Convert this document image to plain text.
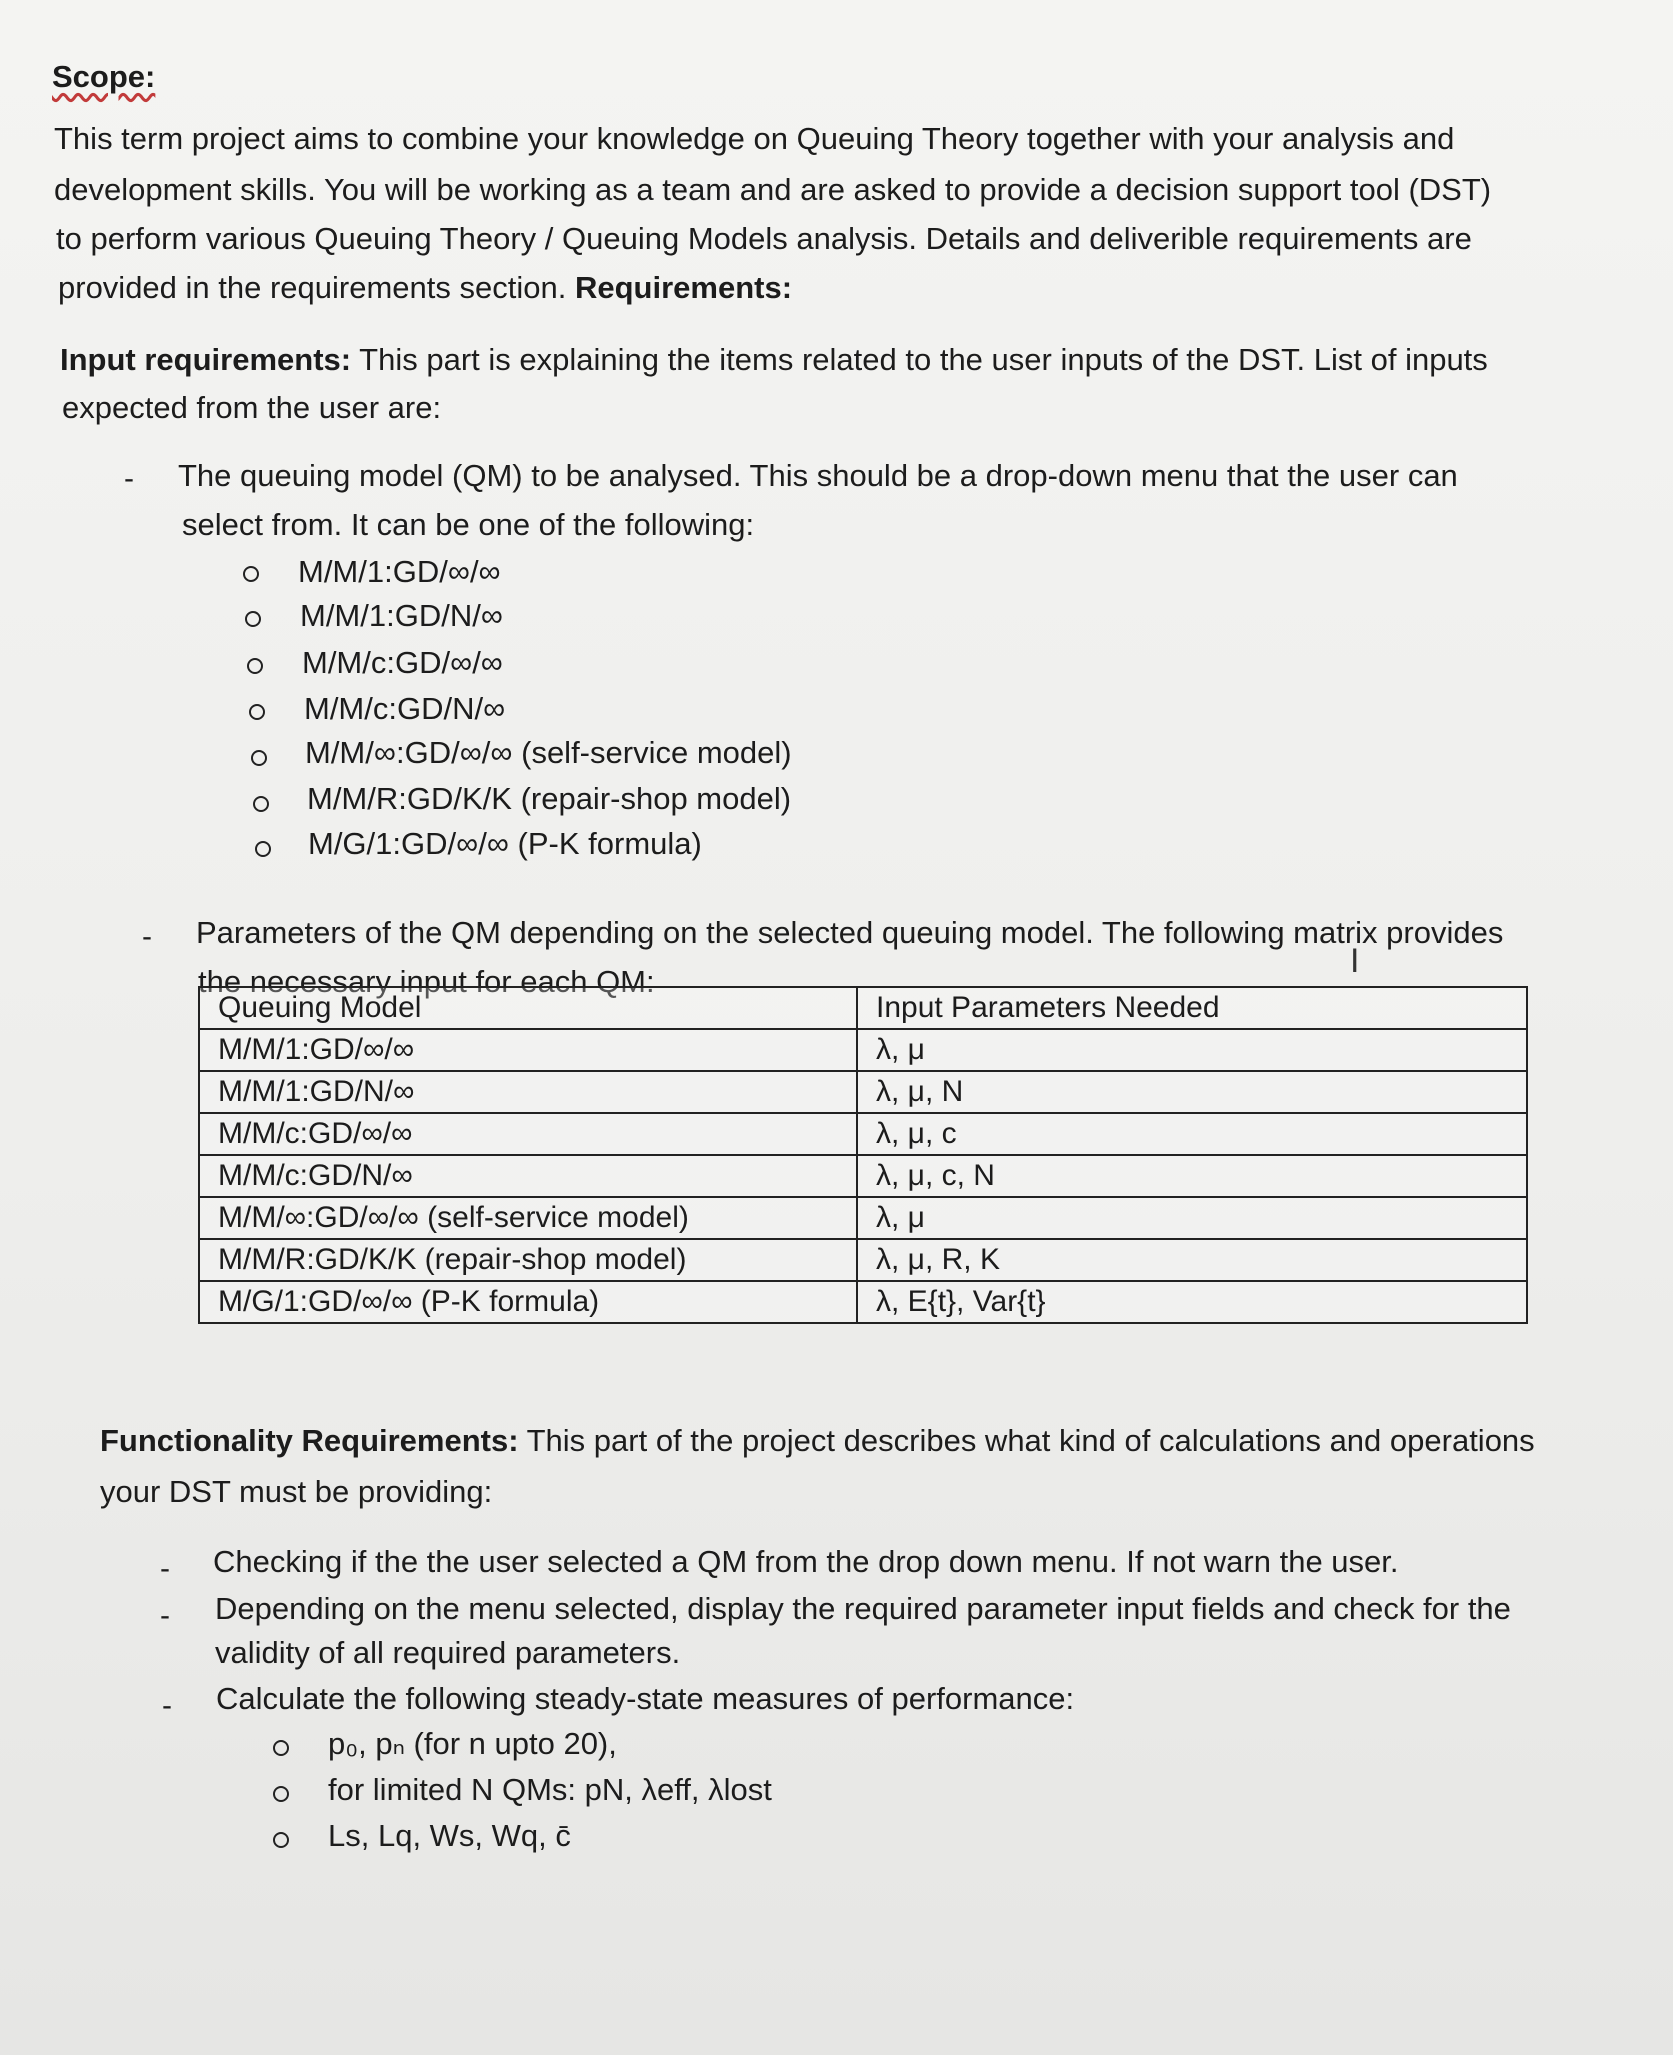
Scope:
This term project aims to combine your knowledge on Queuing Theory together with your analysis and
development skills. You will be working as a team and are asked to provide a decision support tool (DST)
to perform various Queuing Theory / Queuing Models analysis. Details and deliverible requirements are
provided in the requirements section. Requirements:
Input requirements: This part is explaining the items related to the user inputs of the DST. List of inputs
expected from the user are:
- The queuing model (QM) to be analysed. This should be a drop-down menu that the user can
select from. It can be one of the following:
M/M/1:GD/∞/∞
M/M/1:GD/N/∞
M/M/c:GD/∞/∞
M/M/c:GD/N/∞
M/M/∞:GD/∞/∞ (self-service model)
M/M/R:GD/K/K (repair-shop model)
M/G/1:GD/∞/∞ (P-K formula)
- Parameters of the QM depending on the selected queuing model. The following matrix provides
the necessary input for each QM:
I
Queuing Model	Input Parameters Needed
M/M/1:GD/∞/∞	λ, μ
M/M/1:GD/N/∞	λ, μ, N
M/M/c:GD/∞/∞	λ, μ, c
M/M/c:GD/N/∞	λ, μ, c, N
M/M/∞:GD/∞/∞ (self-service model)	λ, μ
M/M/R:GD/K/K (repair-shop model)	λ, μ, R, K
M/G/1:GD/∞/∞ (P-K formula)	λ, E{t}, Var{t}
Functionality Requirements: This part of the project describes what kind of calculations and operations
your DST must be providing:
- Checking if the the user selected a QM from the drop down menu. If not warn the user.
- Depending on the menu selected, display the required parameter input fields and check for the
validity of all required parameters.
- Calculate the following steady-state measures of performance:
p₀, pₙ (for n upto 20),
for limited N QMs: pN, λeff, λlost
Ls, Lq, Ws, Wq, c̄
